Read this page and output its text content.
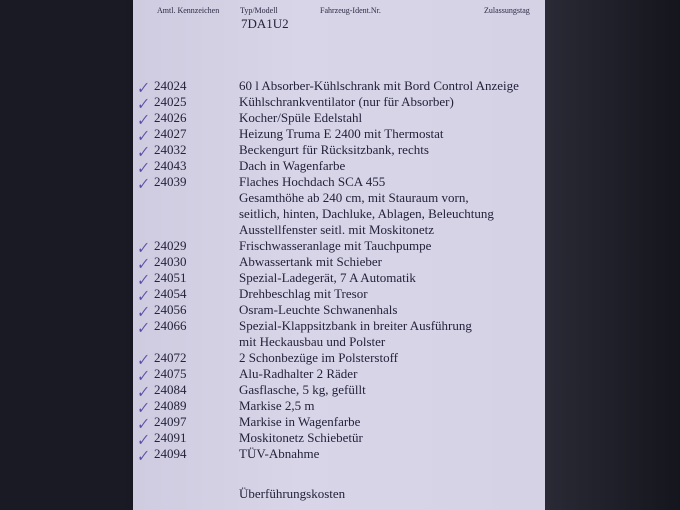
Amtl. Kennzeichen	Typ/Modell	Fahrzeug-Ident.Nr.	Zulassungstag
7DA1U2
✓ 24024	60 l Absorber-Kühlschrank mit Bord Control Anzeige
✓ 24025	Kühlschrankventilator (nur für Absorber)
✓ 24026	Kocher/Spüle Edelstahl
✓ 24027	Heizung Truma E 2400 mit Thermostat
✓ 24032	Beckengurt für Rücksitzbank, rechts
✓ 24043	Dach in Wagenfarbe
✓ 24039	Flaches Hochdach SCA 455
Gesamthöhe ab 240 cm, mit Stauraum vorn,
seitlich, hinten, Dachluke, Ablagen, Beleuchtung
Ausstellfenster seitl. mit Moskitonetz
✓ 24029	Frischwasseranlage mit Tauchpumpe
✓ 24030	Abwassertank mit Schieber
✓ 24051	Spezial-Ladegerät, 7 A Automatik
✓ 24054	Drehbeschlag mit Tresor
✓ 24056	Osram-Leuchte Schwanenhals
✓ 24066	Spezial-Klappsitzbank in breiter Ausführung
mit Heckausbau und Polster
✓ 24072	2 Schonbezüge im Polsterstoff
✓ 24075	Alu-Radhalter 2 Räder
✓ 24084	Gasflasche, 5 kg, gefüllt
✓ 24089	Markise 2,5 m
✓ 24097	Markise in Wagenfarbe
✓ 24091	Moskitonetz Schiebetür
✓ 24094	TÜV-Abnahme
Überführungskosten
